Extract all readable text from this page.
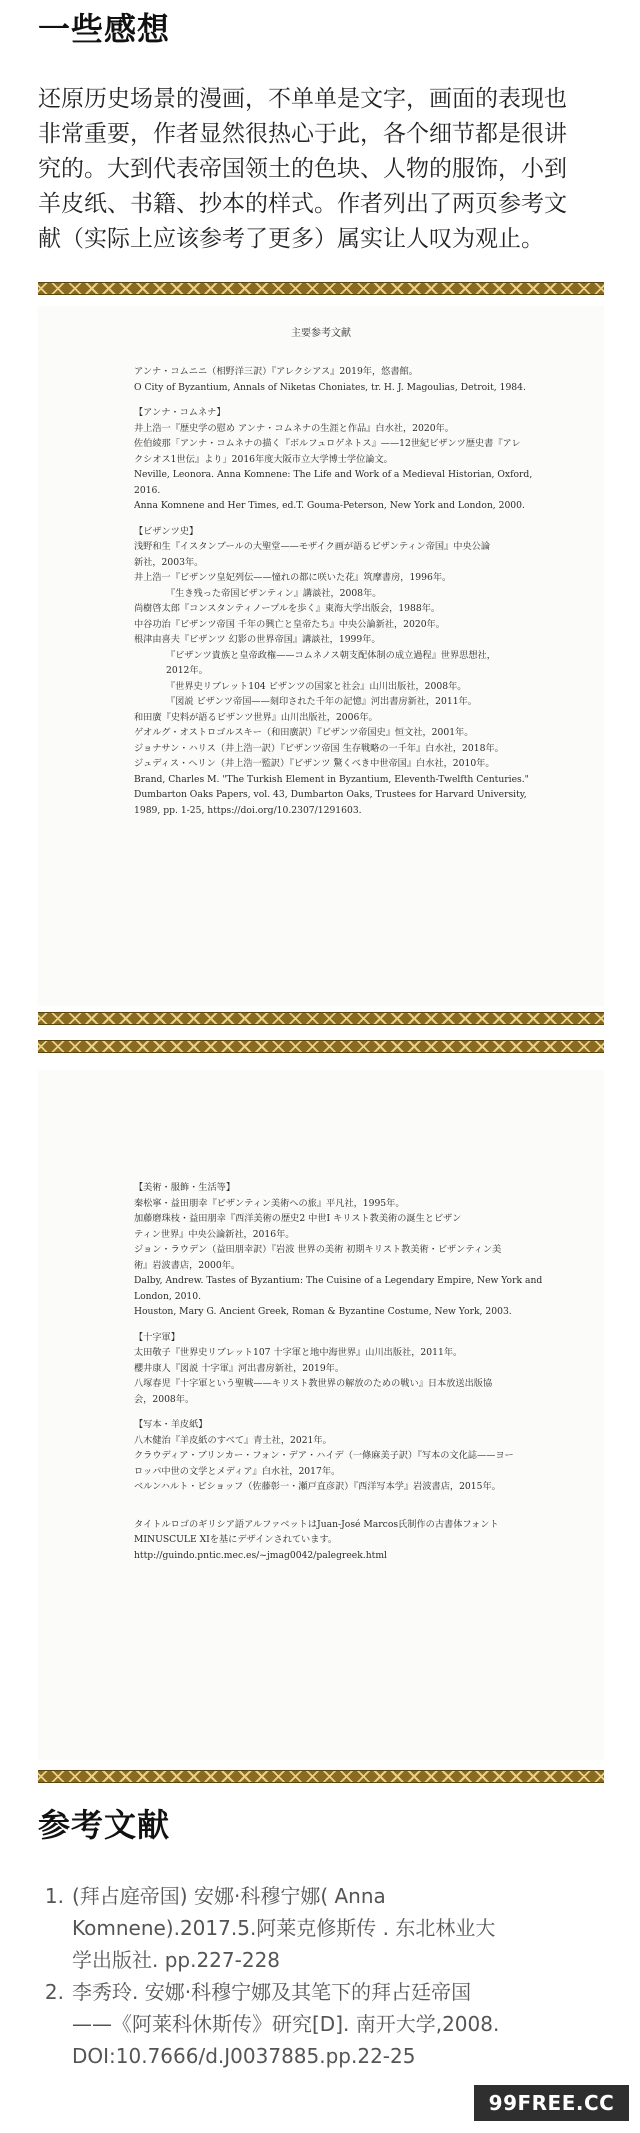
一些感想
还原历史场景的漫画，不单单是文字，画面的表现也
非常重要，作者显然很热心于此，各个细节都是很讲
究的。大到代表帝国领土的色块、人物的服饰，小到
羊皮纸、书籍、抄本的样式。作者列出了两页参考文
献（实际上应该参考了更多）属实让人叹为观止。
主要参考文献
アンナ・コムニニ（相野洋三訳）『アレクシアス』2019年，悠書館。
O City of Byzantium, Annals of Niketas Choniates, tr. H. J. Magoulias, Detroit, 1984.
【アンナ・コムネナ】
井上浩一『歴史学の慰め アンナ・コムネナの生涯と作品』白水社，2020年。
佐伯綾那「アンナ・コムネナの描く『ボルフュロゲネトス』——12世紀ビザンツ歴史書『アレ
クシオス1世伝』より」2016年度大阪市立大学博士学位論文。
Neville, Leonora. Anna Komnene: The Life and Work of a Medieval Historian, Oxford,
2016.
Anna Komnene and Her Times, ed.T. Gouma-Peterson, New York and London, 2000.
【ビザンツ史】
浅野和生『イスタンブールの大聖堂——モザイク画が語るビザンティン帝国』中央公論
新社，2003年。
井上浩一『ビザンツ皇妃列伝——憧れの都に咲いた花』筑摩書房，1996年。
『生き残った帝国ビザンティン』講談社，2008年。
尚樹啓太郎『コンスタンティノープルを歩く』東海大学出版会，1988年。
中谷功治『ビザンツ帝国 千年の興亡と皇帝たち』中央公論新社，2020年。
根津由喜夫『ビザンツ 幻影の世界帝国』講談社，1999年。
『ビザンツ貴族と皇帝政権——コムネノス朝支配体制の成立過程』世界思想社，
2012年。
『世界史リブレット104 ビザンツの国家と社会』山川出版社，2008年。
『図説 ビザンツ帝国——刻印された千年の記憶』河出書房新社，2011年。
和田廣『史料が語るビザンツ世界』山川出版社，2006年。
ゲオルグ・オストロゴルスキー（和田廣訳）『ビザンツ帝国史』恒文社，2001年。
ジョナサン・ハリス（井上浩一訳）『ビザンツ帝国 生存戦略の一千年』白水社，2018年。
ジュディス・ヘリン（井上浩一監訳）『ビザンツ 驚くべき中世帝国』白水社，2010年。
Brand, Charles M. "The Turkish Element in Byzantium, Eleventh-Twelfth Centuries."
Dumbarton Oaks Papers, vol. 43, Dumbarton Oaks, Trustees for Harvard University,
1989, pp. 1-25, https://doi.org/10.2307/1291603.
【美術・服飾・生活等】
秦松寧・益田朋幸『ビザンティン美術への旅』平凡社，1995年。
加藤磨珠枝・益田朋幸『西洋美術の歴史2 中世Ⅰ キリスト教美術の誕生とビザン
ティン世界』中央公論新社，2016年。
ジョン・ラウデン（益田朋幸訳）『岩波 世界の美術 初期キリスト教美術・ビザンティン美
術』岩波書店，2000年。
Dalby, Andrew. Tastes of Byzantium: The Cuisine of a Legendary Empire, New York and
London, 2010.
Houston, Mary G. Ancient Greek, Roman & Byzantine Costume, New York, 2003.
【十字軍】
太田敬子『世界史リブレット107 十字軍と地中海世界』山川出版社，2011年。
櫻井康人『図説 十字軍』河出書房新社，2019年。
八塚春児『十字軍という聖戦——キリスト教世界の解放のための戦い』日本放送出版協
会，2008年。
【写本・羊皮紙】
八木健治『羊皮紙のすべて』青土社，2021年。
クラウディア・ブリンカー・フォン・デア・ハイデ（一條麻美子訳）『写本の文化誌——ヨー
ロッパ中世の文学とメディア』白水社，2017年。
ベルンハルト・ビショッフ（佐藤彰一・瀬戸直彦訳）『西洋写本学』岩波書店，2015年。
タイトルロゴのギリシア語アルファベットはJuan-José Marcos氏制作の古書体フォント
MINUSCULE XIを基にデザインされています。
http://guindo.pntic.mec.es/~jmag0042/palegreek.html
参考文献
1. (拜占庭帝国) 安娜·科穆宁娜( Anna
Komnene).2017.5.阿莱克修斯传 . 东北林业大
学出版社. pp.227-228
2. 李秀玲. 安娜·科穆宁娜及其笔下的拜占廷帝国
——《阿莱科休斯传》研究[D]. 南开大学,2008.
DOI:10.7666/d.J0037885.pp.22-25
99FREE.CC
